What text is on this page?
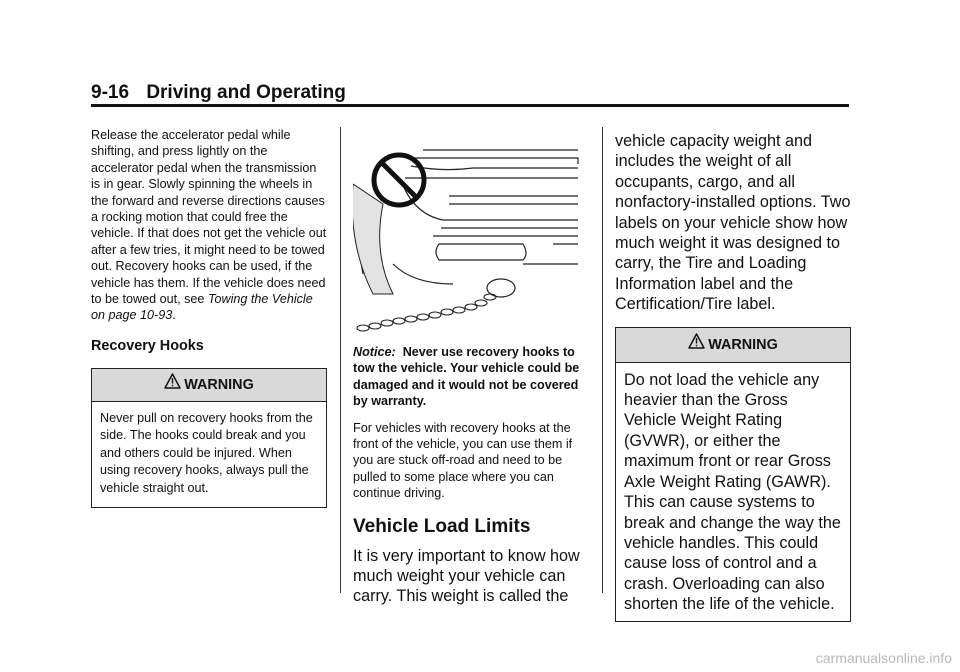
9-16 Driving and Operating
Release the accelerator pedal while shifting, and press lightly on the accelerator pedal when the transmission is in gear. Slowly spinning the wheels in the forward and reverse directions causes a rocking motion that could free the vehicle. If that does not get the vehicle out after a few tries, it might need to be towed out. Recovery hooks can be used, if the vehicle has them. If the vehicle does need to be towed out, see Towing the Vehicle on page 10-93.
Recovery Hooks
WARNING
Never pull on recovery hooks from the side. The hooks could break and you and others could be injured. When using recovery hooks, always pull the vehicle straight out.
Notice: Never use recovery hooks to tow the vehicle. Your vehicle could be damaged and it would not be covered by warranty.
For vehicles with recovery hooks at the front of the vehicle, you can use them if you are stuck off-road and need to be pulled to some place where you can continue driving.
Vehicle Load Limits
It is very important to know how much weight your vehicle can carry. This weight is called the
vehicle capacity weight and includes the weight of all occupants, cargo, and all nonfactory-installed options. Two labels on your vehicle show how much weight it was designed to carry, the Tire and Loading Information label and the Certification/Tire label.
WARNING
Do not load the vehicle any heavier than the Gross Vehicle Weight Rating (GVWR), or either the maximum front or rear Gross Axle Weight Rating (GAWR). This can cause systems to break and change the way the vehicle handles. This could cause loss of control and a crash. Overloading can also shorten the life of the vehicle.
carmanualsonline.info
